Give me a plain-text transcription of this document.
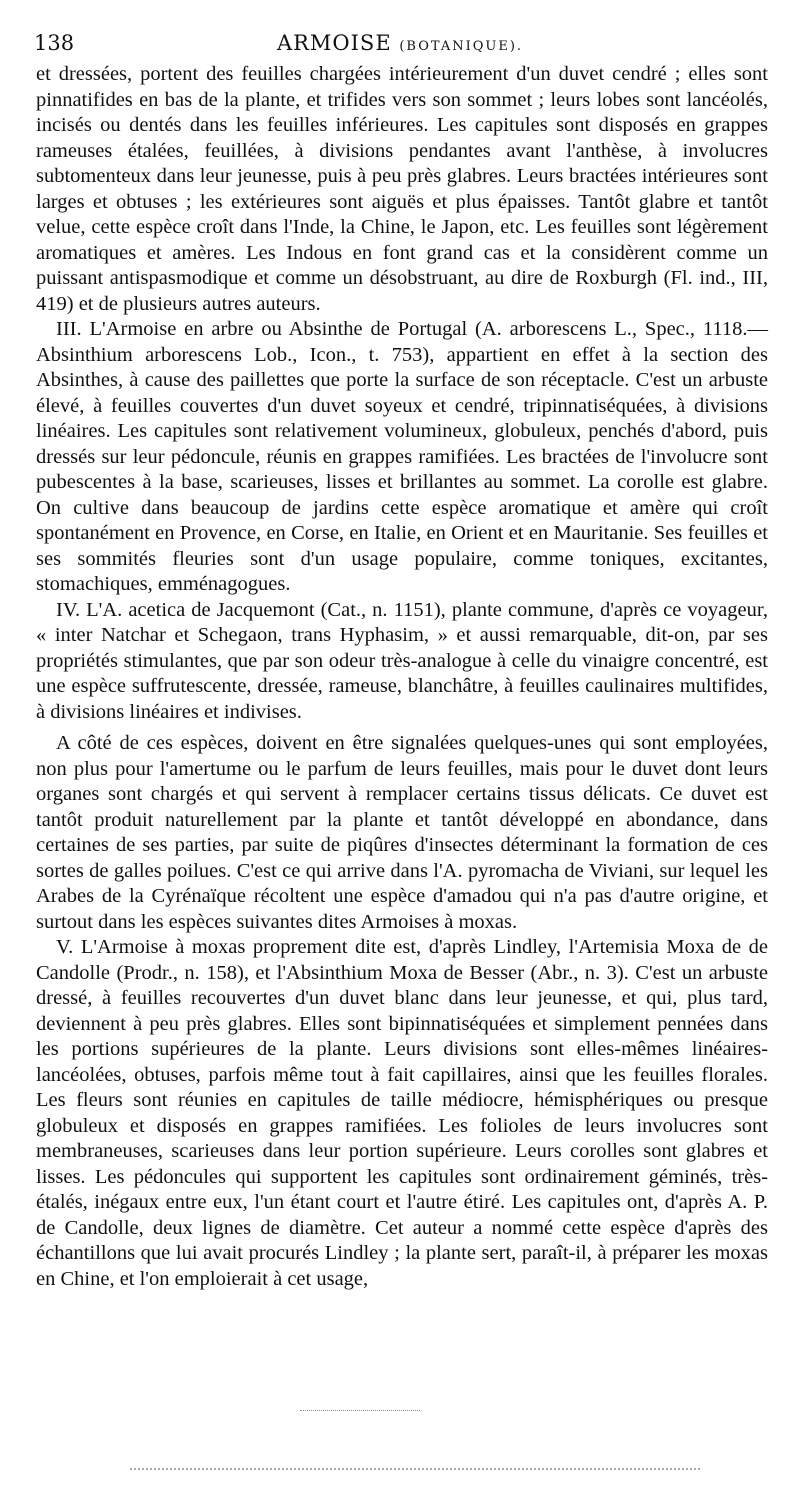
138	ARMOISE (BOTANIQUE).

et dressées, portent des feuilles chargées intérieurement d'un duvet cendré ; elles sont pinnatifides en bas de la plante, et trifides vers son sommet ; leurs lobes sont lancéolés, incisés ou dentés dans les feuilles inférieures. Les capitules sont disposés en grappes rameuses étalées, feuillées, à divisions pendantes avant l'anthèse, à involucres subtomenteux dans leur jeunesse, puis à peu près glabres. Leurs bractées intérieures sont larges et obtuses ; les extérieures sont aiguës et plus épaisses. Tantôt glabre et tantôt velue, cette espèce croît dans l'Inde, la Chine, le Japon, etc. Les feuilles sont légèrement aromatiques et amères. Les Indous en font grand cas et la considèrent comme un puissant antispasmodique et comme un désobstruant, au dire de Roxburgh (Fl. ind., III, 419) et de plusieurs autres auteurs.

III. L'Armoise en arbre ou Absinthe de Portugal (A. arborescens L., Spec., 1118.—Absinthium arborescens Lob., Icon., t. 753), appartient en effet à la section des Absinthes, à cause des paillettes que porte la surface de son réceptacle. C'est un arbuste élevé, à feuilles couvertes d'un duvet soyeux et cendré, tripinnatiséquées, à divisions linéaires. Les capitules sont relativement volumineux, globuleux, penchés d'abord, puis dressés sur leur pédoncule, réunis en grappes ramifiées. Les bractées de l'involucre sont pubescentes à la base, scarieuses, lisses et brillantes au sommet. La corolle est glabre. On cultive dans beaucoup de jardins cette espèce aromatique et amère qui croît spontanément en Provence, en Corse, en Italie, en Orient et en Mauritanie. Ses feuilles et ses sommités fleuries sont d'un usage populaire, comme toniques, excitantes, stomachiques, emménagogues.

IV. L'A. acetica de Jacquemont (Cat., n. 1151), plante commune, d'après ce voyageur, « inter Natchar et Schegaon, trans Hyphasim, » et aussi remarquable, dit-on, par ses propriétés stimulantes, que par son odeur très-analogue à celle du vinaigre concentré, est une espèce suffrutescente, dressée, rameuse, blanchâtre, à feuilles caulinaires multifides, à divisions linéaires et indivises.

A côté de ces espèces, doivent en être signalées quelques-unes qui sont employées, non plus pour l'amertume ou le parfum de leurs feuilles, mais pour le duvet dont leurs organes sont chargés et qui servent à remplacer certains tissus délicats. Ce duvet est tantôt produit naturellement par la plante et tantôt développé en abondance, dans certaines de ses parties, par suite de piqûres d'insectes déterminant la formation de ces sortes de galles poilues. C'est ce qui arrive dans l'A. pyromacha de Viviani, sur lequel les Arabes de la Cyrénaïque récoltent une espèce d'amadou qui n'a pas d'autre origine, et surtout dans les espèces suivantes dites Armoises à moxas.

V. L'Armoise à moxas proprement dite est, d'après Lindley, l'Artemisia Moxa de de Candolle (Prodr., n. 158), et l'Absinthium Moxa de Besser (Abr., n. 3). C'est un arbuste dressé, à feuilles recouvertes d'un duvet blanc dans leur jeunesse, et qui, plus tard, deviennent à peu près glabres. Elles sont bipinnatiséquées et simplement pennées dans les portions supérieures de la plante. Leurs divisions sont elles-mêmes linéaires-lancéolées, obtuses, parfois même tout à fait capillaires, ainsi que les feuilles florales. Les fleurs sont réunies en capitules de taille médiocre, hémisphériques ou presque globuleux et disposés en grappes ramifiées. Les folioles de leurs involucres sont membraneuses, scarieuses dans leur portion supérieure. Leurs corolles sont glabres et lisses. Les pédoncules qui supportent les capitules sont ordinairement géminés, très-étalés, inégaux entre eux, l'un étant court et l'autre étiré. Les capitules ont, d'après A. P. de Candolle, deux lignes de diamètre. Cet auteur a nommé cette espèce d'après des échantillons que lui avait procurés Lindley ; la plante sert, paraît-il, à préparer les moxas en Chine, et l'on emploierait à cet usage,
